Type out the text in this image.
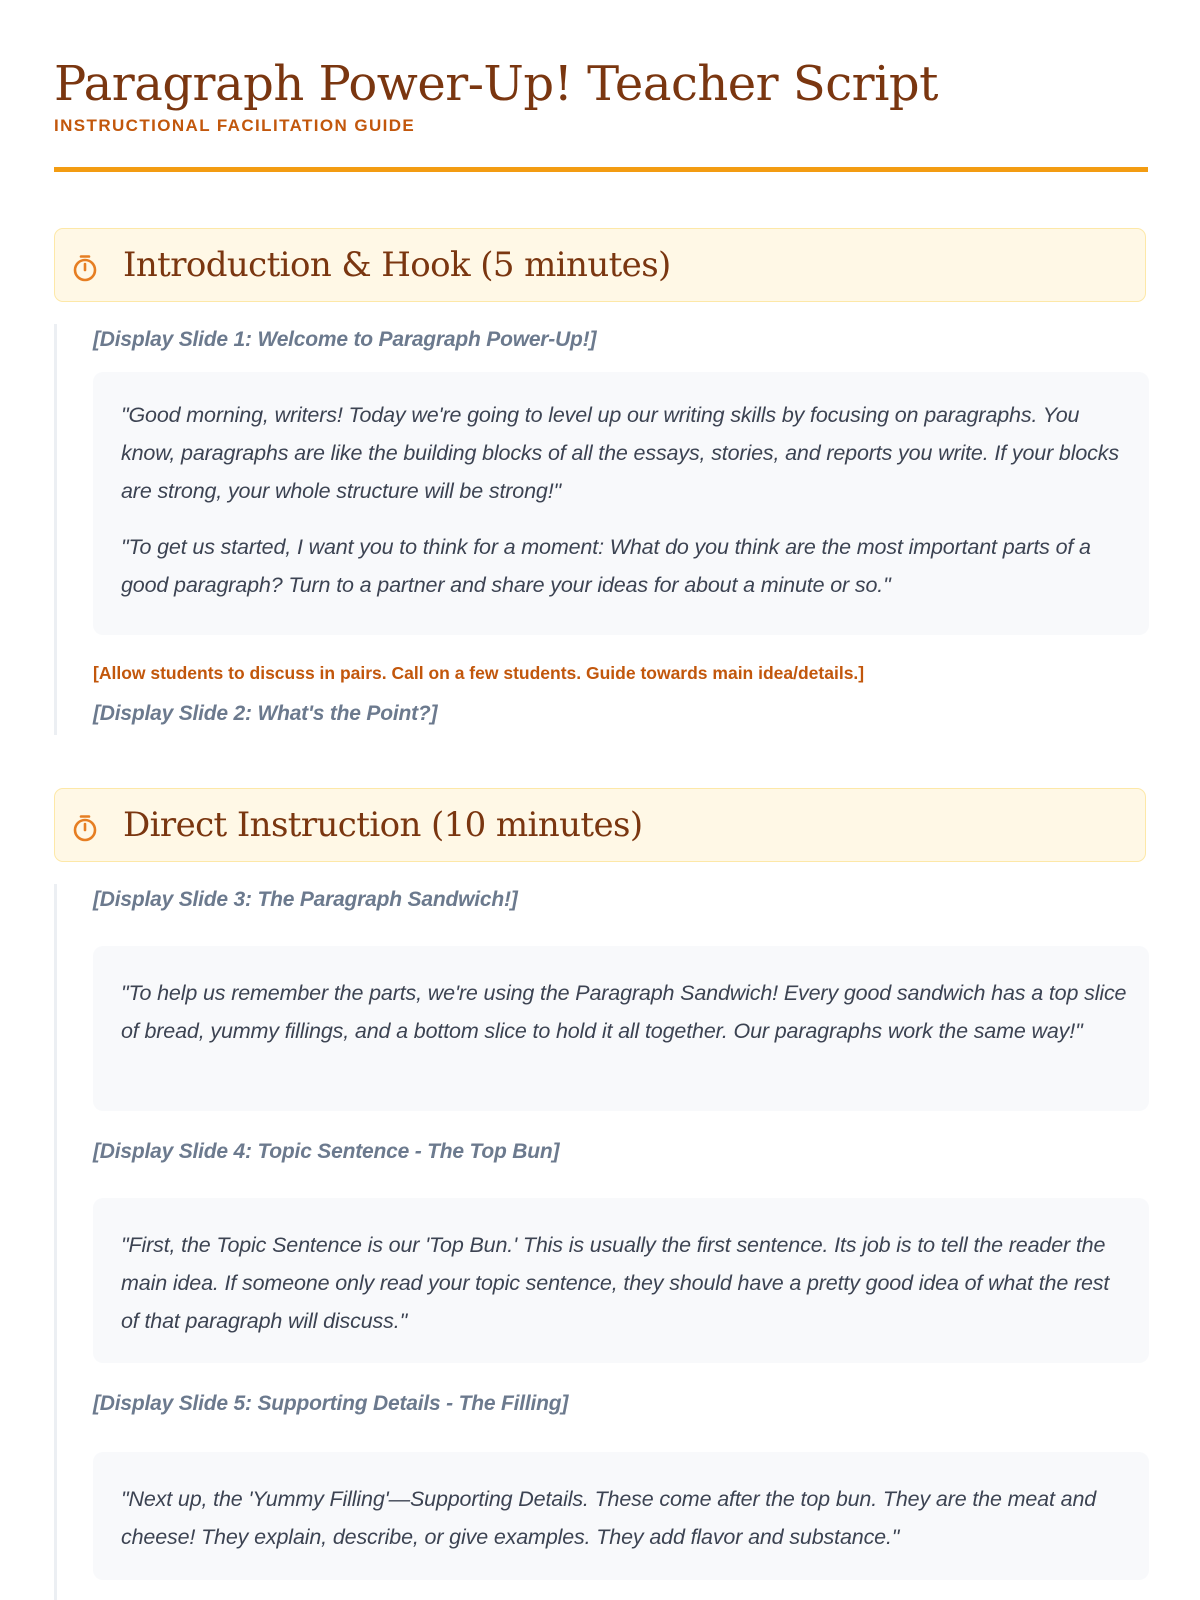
Paragraph Power-Up! Teacher Script
INSTRUCTIONAL FACILITATION GUIDE
Introduction & Hook (5 minutes)
[Display Slide 1: Welcome to Paragraph Power-Up!]

"Good morning, writers! Today we're going to level up our writing skills by focusing on paragraphs. You know, paragraphs are like the building blocks of all the essays, stories, and reports you write. If your blocks are strong, your whole structure will be strong!"

"To get us started, I want you to think for a moment: What do you think are the most important parts of a good paragraph? Turn to a partner and share your ideas for about a minute or so."

[Allow students to discuss in pairs. Call on a few students. Guide towards main idea/details.]
[Display Slide 2: What's the Point?]
Direct Instruction (10 minutes)
[Display Slide 3: The Paragraph Sandwich!]

"To help us remember the parts, we're using the Paragraph Sandwich! Every good sandwich has a top slice of bread, yummy fillings, and a bottom slice to hold it all together. Our paragraphs work the same way!"

[Display Slide 4: Topic Sentence - The Top Bun]

"First, the Topic Sentence is our 'Top Bun.' This is usually the first sentence. Its job is to tell the reader the main idea. If someone only read your topic sentence, they should have a pretty good idea of what the rest of that paragraph will discuss."

[Display Slide 5: Supporting Details - The Filling]

"Next up, the 'Yummy Filling'—Supporting Details. These come after the top bun. They are the meat and cheese! They explain, describe, or give examples. They add flavor and substance."
